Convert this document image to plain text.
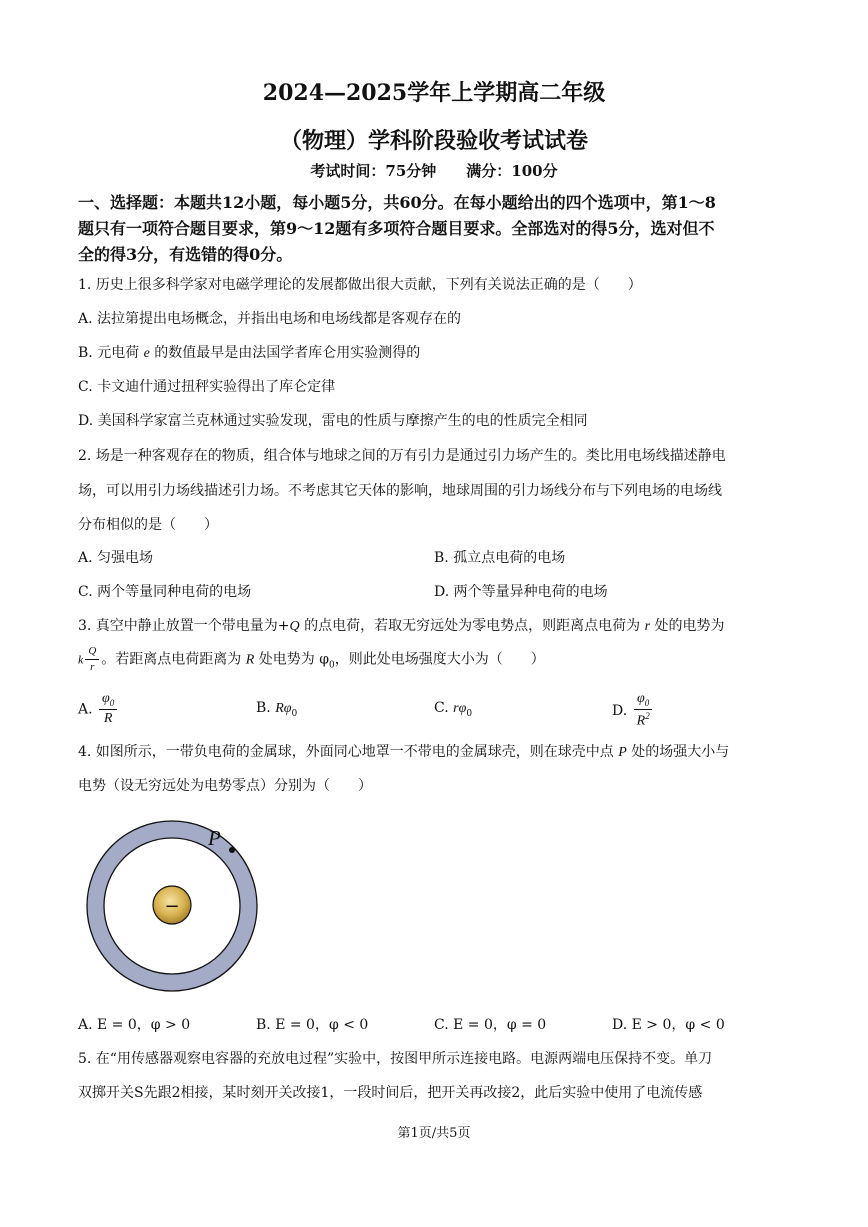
2024—2025学年上学期高二年级
（物理）学科阶段验收考试试卷
考试时间：75分钟　　满分：100分
一、选择题：本题共12小题，每小题5分，共60分。在每小题给出的四个选项中，第1～8
题只有一项符合题目要求，第9～12题有多项符合题目要求。全部选对的得5分，选对但不
全的得3分，有选错的得0分。
1. 历史上很多科学家对电磁学理论的发展都做出很大贡献，下列有关说法正确的是（　　）
A. 法拉第提出电场概念，并指出电场和电场线都是客观存在的
B. 元电荷 e 的数值最早是由法国学者库仑用实验测得的
C. 卡文迪什通过扭秤实验得出了库仑定律
D. 美国科学家富兰克林通过实验发现，雷电的性质与摩擦产生的电的性质完全相同
2. 场是一种客观存在的物质，组合体与地球之间的万有引力是通过引力场产生的。类比用电场线描述静电
场，可以用引力场线描述引力场。不考虑其它天体的影响，地球周围的引力场线分布与下列电场的电场线
分布相似的是（　　）
A. 匀强电场	B. 孤立点电荷的电场
C. 两个等量同种电荷的电场	D. 两个等量异种电荷的电场
3. 真空中静止放置一个带电量为+Q 的点电荷，若取无穷远处为零电势点，则距离点电荷为 r 处的电势为
k $\frac{Q}{r}$ 。若距离点电荷距离为 R 处电势为 $\varphi_0$，则此处电场强度大小为（　　）
A. $\frac{\varphi_0}{R}$	B. $R\varphi_0$	C. $r\varphi_0$	D. $\frac{\varphi_0}{R^2}$
4. 如图所示，一带负电荷的金属球，外面同心地罩一不带电的金属球壳，则在球壳中点 P 处的场强大小与
电势（设无穷远处为电势零点）分别为（　　）
−
P
A. E = 0，φ > 0	B. E = 0，φ < 0	C. E = 0，φ = 0	D. E > 0，φ < 0
5. 在“用传感器观察电容器的充放电过程”实验中，按图甲所示连接电路。电源两端电压保持不变。单刀
双掷开关S先跟2相接，某时刻开关改接1，一段时间后，把开关再改接2，此后实验中使用了电流传感
第1页/共5页
